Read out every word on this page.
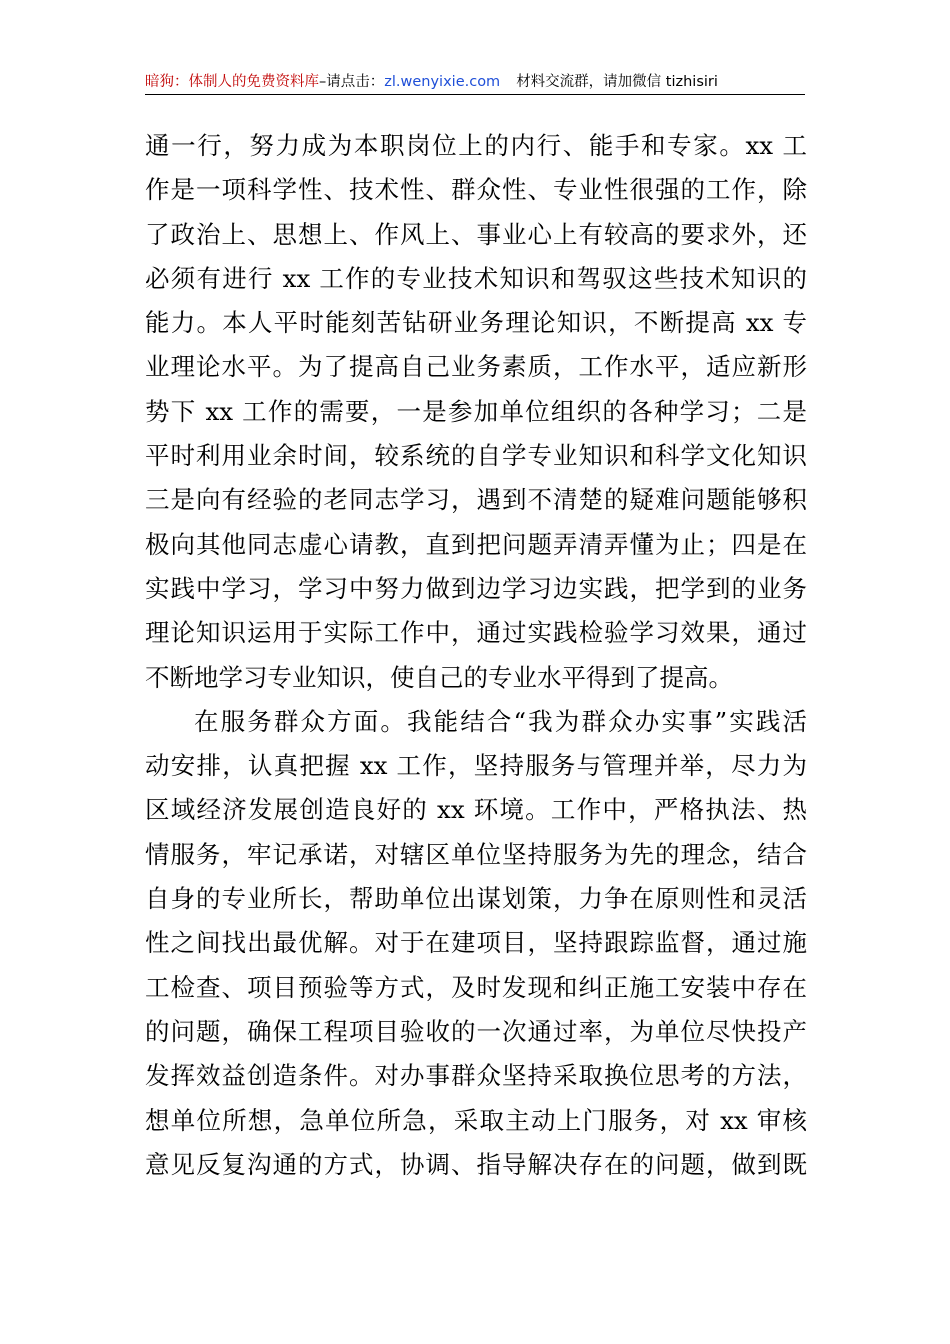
暗狗：体制人的免费资料库–请点击：zl.wenyixie.com 材料交流群，请加微信 tizhisiri
通一行，努力成为本职岗位上的内行、能手和专家。xx 工
作是一项科学性、技术性、群众性、专业性很强的工作，除
了政治上、思想上、作风上、事业心上有较高的要求外，还
必须有进行 xx 工作的专业技术知识和驾驭这些技术知识的
能力。本人平时能刻苦钻研业务理论知识，不断提高 xx 专
业理论水平。为了提高自己业务素质，工作水平，适应新形
势下 xx 工作的需要，一是参加单位组织的各种学习；二是
平时利用业余时间，较系统的自学专业知识和科学文化知识
三是向有经验的老同志学习，遇到不清楚的疑难问题能够积
极向其他同志虚心请教，直到把问题弄清弄懂为止；四是在
实践中学习，学习中努力做到边学习边实践，把学到的业务
理论知识运用于实际工作中，通过实践检验学习效果，通过
不断地学习专业知识，使自己的专业水平得到了提高。
在服务群众方面。我能结合“我为群众办实事”实践活
动安排，认真把握 xx 工作，坚持服务与管理并举，尽力为
区域经济发展创造良好的 xx 环境。工作中，严格执法、热
情服务，牢记承诺，对辖区单位坚持服务为先的理念，结合
自身的专业所长，帮助单位出谋划策，力争在原则性和灵活
性之间找出最优解。对于在建项目，坚持跟踪监督，通过施
工检查、项目预验等方式，及时发现和纠正施工安装中存在
的问题，确保工程项目验收的一次通过率，为单位尽快投产
发挥效益创造条件。对办事群众坚持采取换位思考的方法，
想单位所想，急单位所急，采取主动上门服务，对 xx 审核
意见反复沟通的方式，协调、指导解决存在的问题，做到既
